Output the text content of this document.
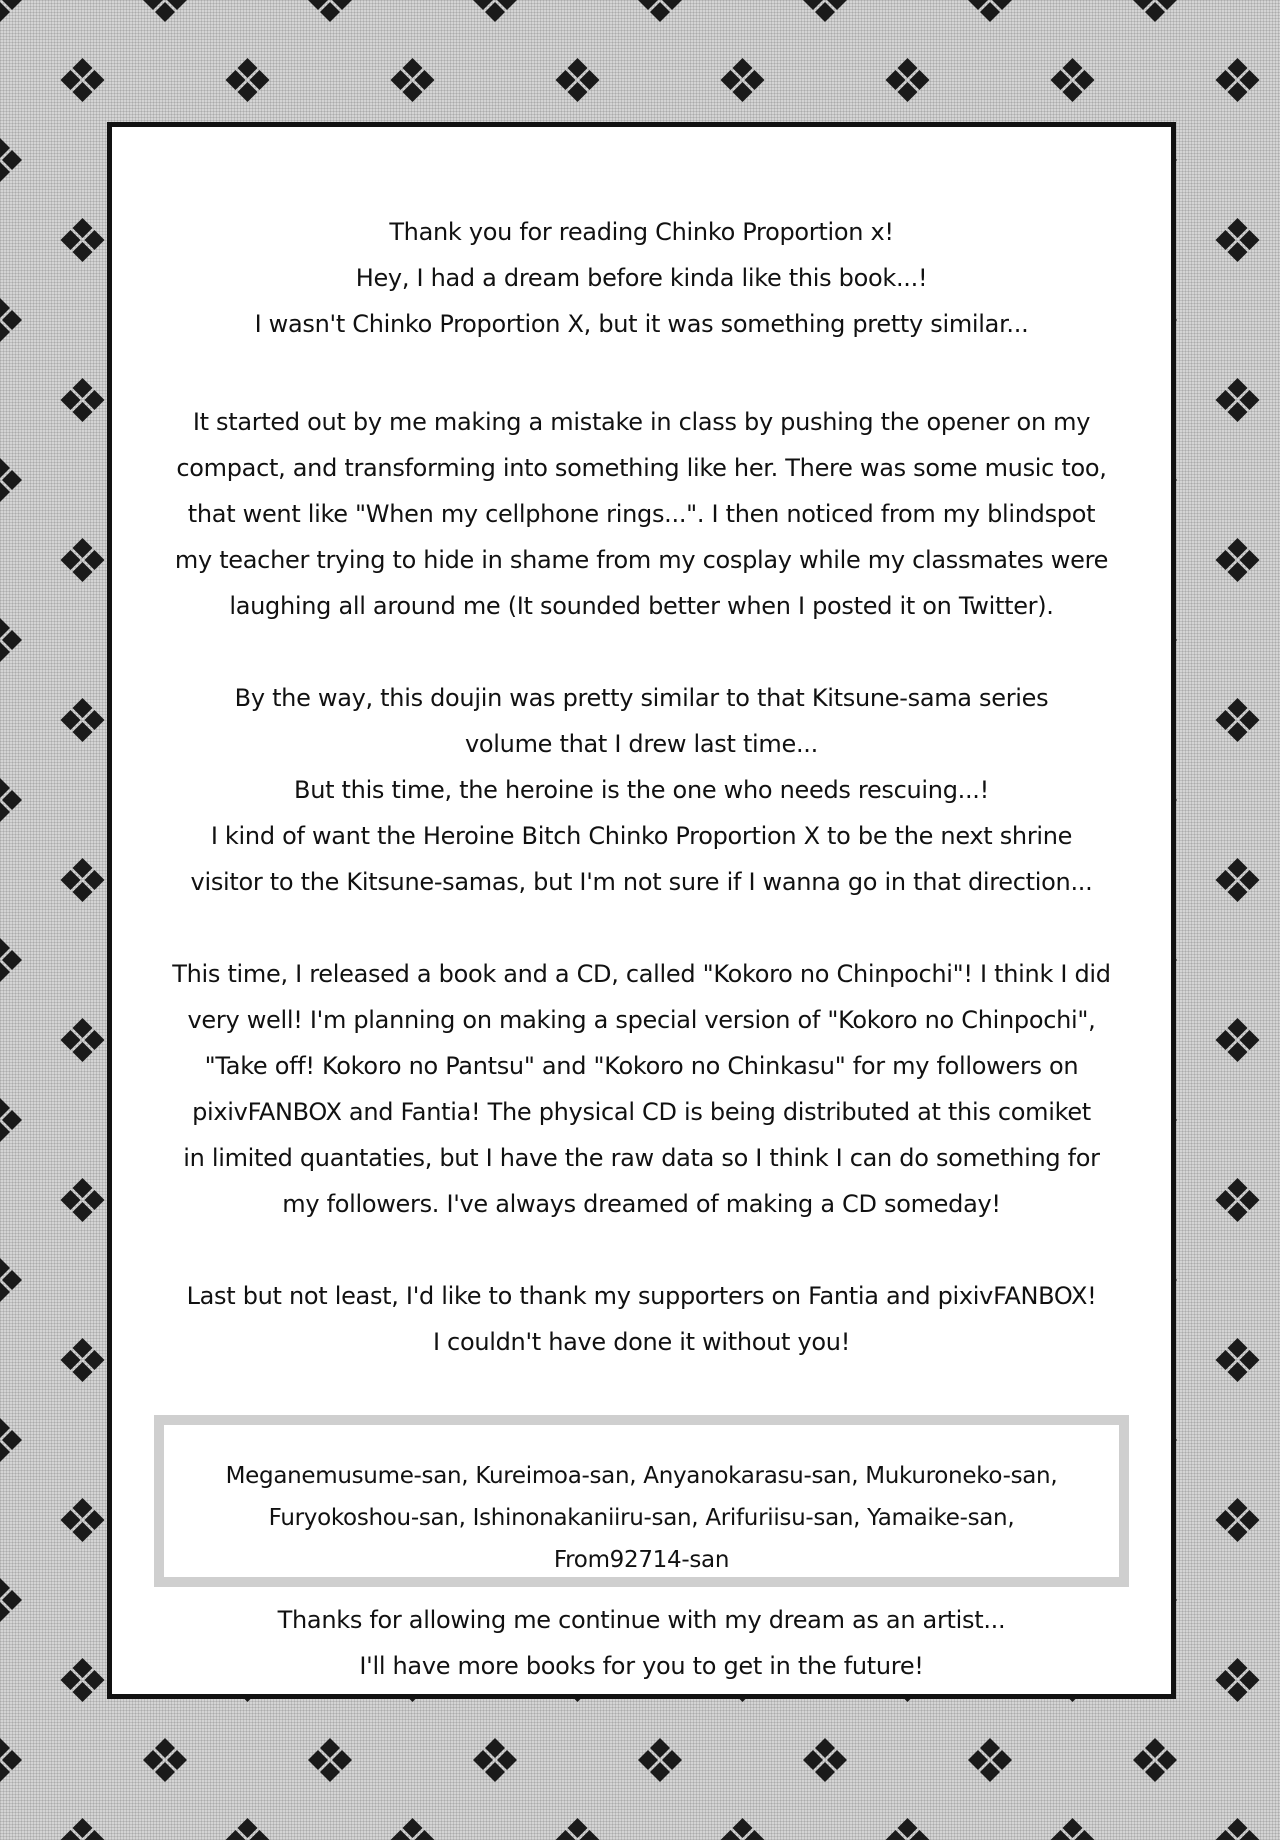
Thank you for reading Chinko Proportion x!
Hey, I had a dream before kinda like this book...!
I wasn't Chinko Proportion X, but it was something pretty similar...
It started out by me making a mistake in class by pushing the opener on my
compact, and transforming into something like her. There was some music too,
that went like "When my cellphone rings...". I then noticed from my blindspot
my teacher trying to hide in shame from my cosplay while my classmates were
laughing all around me (It sounded better when I posted it on Twitter).
By the way, this doujin was pretty similar to that Kitsune-sama series
volume that I drew last time...
But this time, the heroine is the one who needs rescuing...!
I kind of want the Heroine Bitch Chinko Proportion X to be the next shrine
visitor to the Kitsune-samas, but I'm not sure if I wanna go in that direction...
This time, I released a book and a CD, called "Kokoro no Chinpochi"! I think I did
very well! I'm planning on making a special version of "Kokoro no Chinpochi",
"Take off! Kokoro no Pantsu" and "Kokoro no Chinkasu" for my followers on
pixivFANBOX and Fantia! The physical CD is being distributed at this comiket
in limited quantaties, but I have the raw data so I think I can do something for
my followers. I've always dreamed of making a CD someday!
Last but not least, I'd like to thank my supporters on Fantia and pixivFANBOX!
I couldn't have done it without you!
Meganemusume-san, Kureimoa-san, Anyanokarasu-san, Mukuroneko-san,
Furyokoshou-san, Ishinonakaniiru-san, Arifuriisu-san, Yamaike-san,
From92714-san
Thanks for allowing me continue with my dream as an artist...
I'll have more books for you to get in the future!
